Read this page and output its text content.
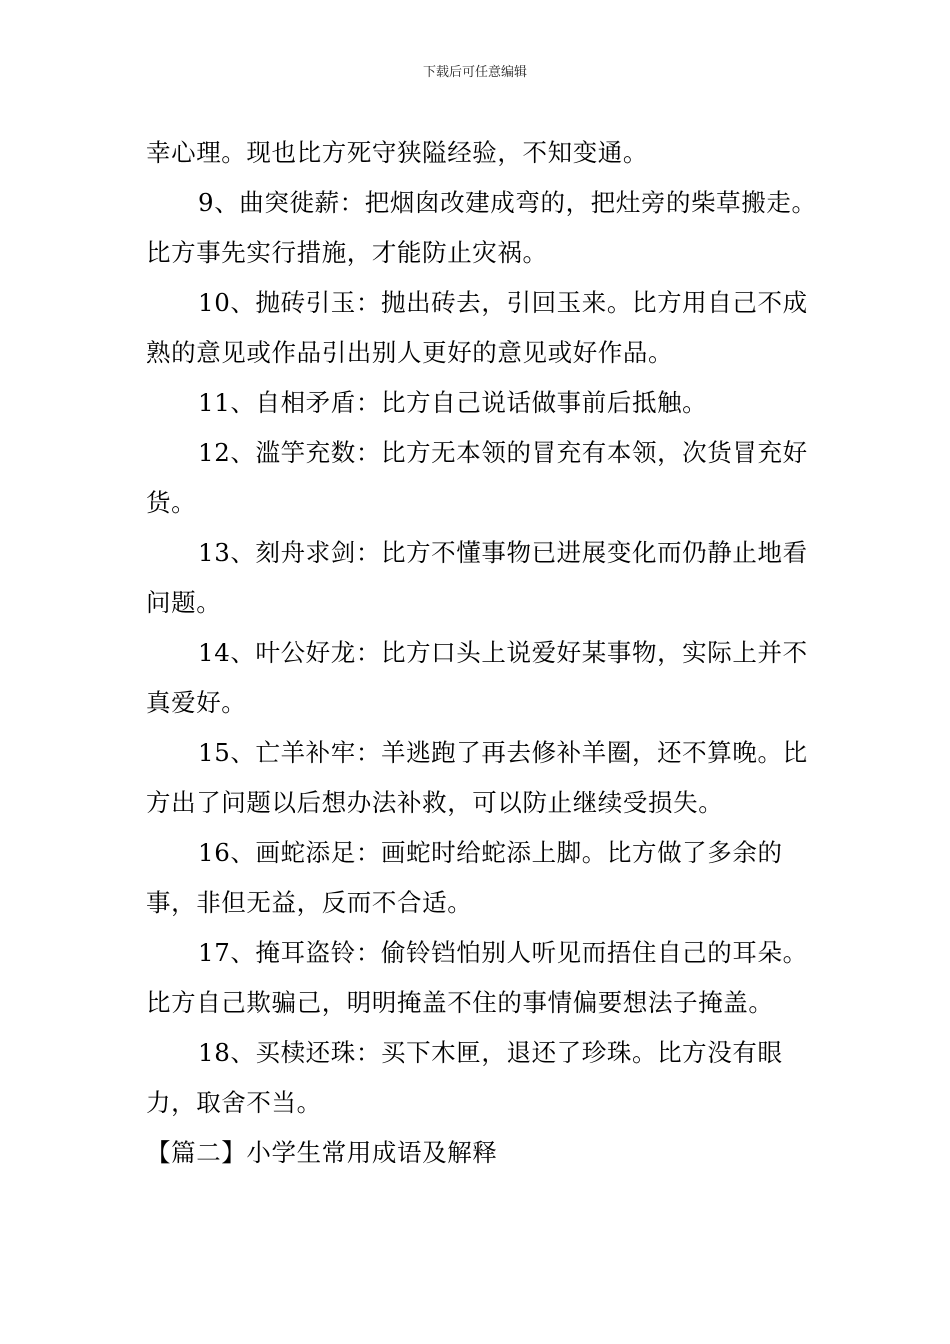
下载后可任意编辑

幸心理。现也比方死守狭隘经验，不知变通。

9、曲突徙薪：把烟囱改建成弯的，把灶旁的柴草搬走。比方事先实行措施，才能防止灾祸。

10、抛砖引玉：抛出砖去，引回玉来。比方用自己不成熟的意见或作品引出别人更好的意见或好作品。

11、自相矛盾：比方自己说话做事前后抵触。

12、滥竽充数：比方无本领的冒充有本领，次货冒充好货。

13、刻舟求剑：比方不懂事物已进展变化而仍静止地看问题。

14、叶公好龙：比方口头上说爱好某事物，实际上并不真爱好。

15、亡羊补牢：羊逃跑了再去修补羊圈，还不算晚。比方出了问题以后想办法补救，可以防止继续受损失。

16、画蛇添足：画蛇时给蛇添上脚。比方做了多余的事，非但无益，反而不合适。

17、掩耳盗铃：偷铃铛怕别人听见而捂住自己的耳朵。比方自己欺骗己，明明掩盖不住的事情偏要想法子掩盖。

18、买椟还珠：买下木匣，退还了珍珠。比方没有眼力，取舍不当。

【篇二】小学生常用成语及解释
